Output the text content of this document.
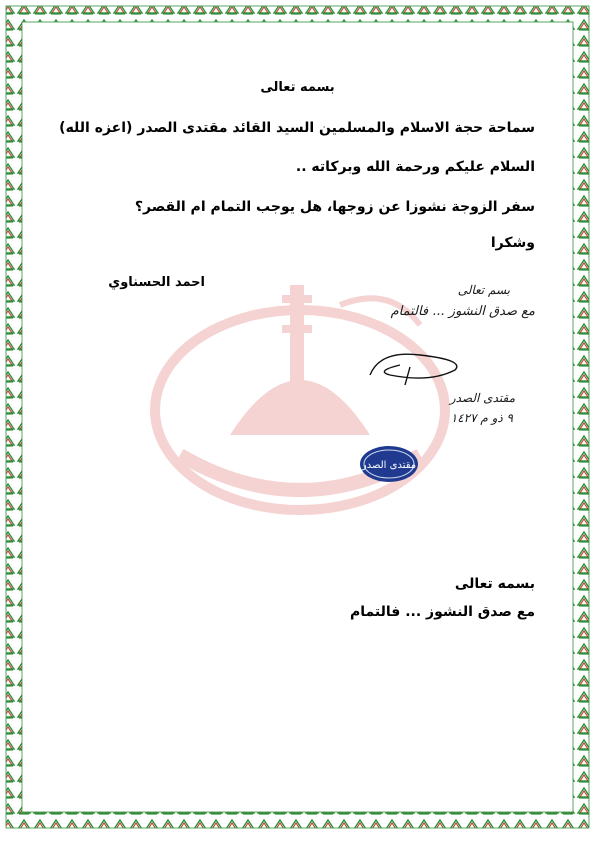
بسمه تعالى
سماحة حجة الاسلام والمسلمين السيد القائد مقتدى الصدر (اعزه الله)
السلام عليكم ورحمة الله وبركاته ..
سفر الزوجة نشوزا عن زوجها، هل يوجب التمام ام القصر؟
وشكرا
احمد الحسناوي	بسم تعالى
مع صدق النشوز ... فالتمام
مقتدى الصدر
٩ ذو م ١٤٢٧
مقتدى الصدر
بسمه تعالى
مع صدق النشوز ... فالتمام
